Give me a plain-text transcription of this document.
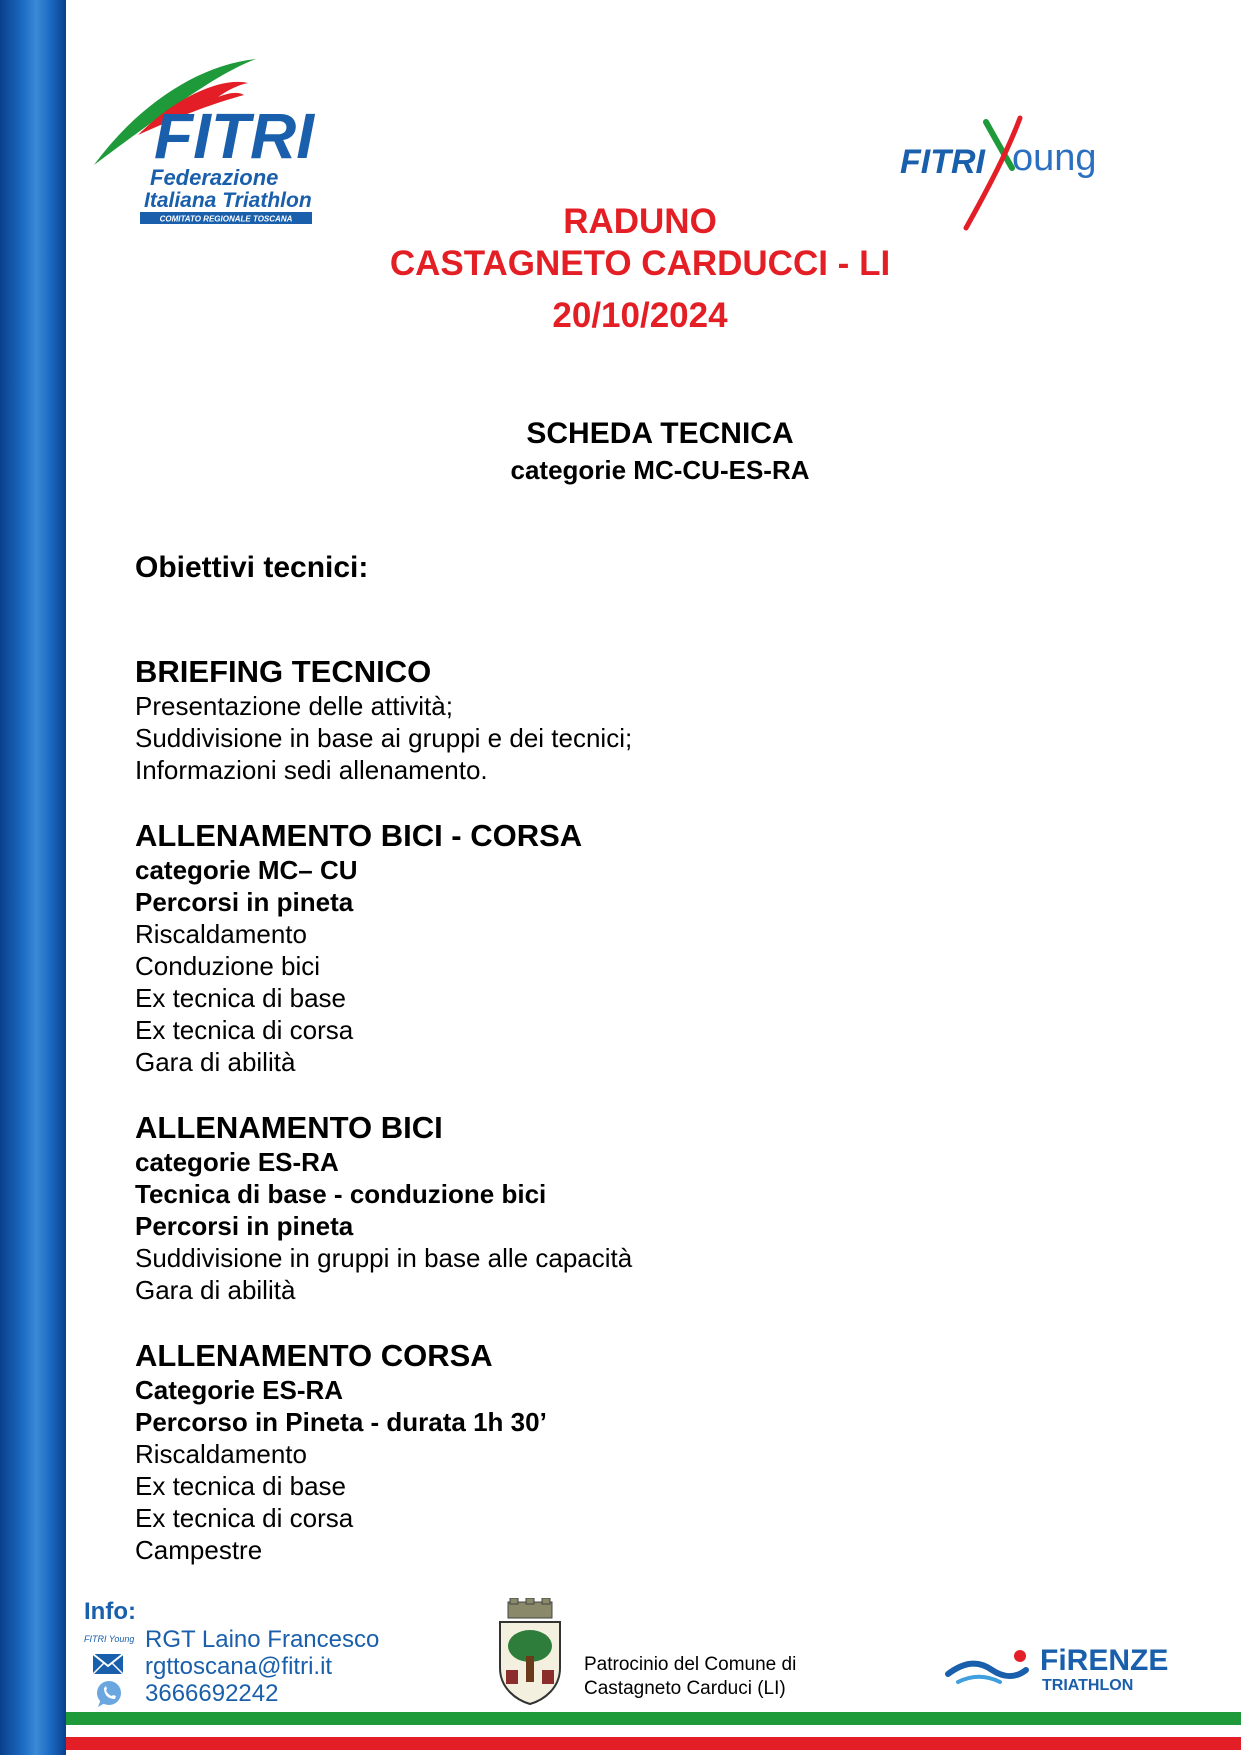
FITRI
Federazione
Italiana Triathlon
COMITATO REGIONALE TOSCANA
FITRI oung
RADUNO
CASTAGNETO CARDUCCI - LI
20/10/2024
SCHEDA TECNICA
categorie MC-CU-ES-RA
Obiettivi tecnici:
BRIEFING TECNICO
Presentazione delle attività;
Suddivisione in base ai gruppi e dei tecnici;
Informazioni sedi allenamento.
ALLENAMENTO BICI - CORSA
categorie MC– CU
Percorsi in pineta
Riscaldamento
Conduzione bici
Ex tecnica di base
Ex tecnica di corsa
Gara di abilità
ALLENAMENTO BICI
categorie ES-RA
Tecnica di base - conduzione bici
Percorsi in pineta
Suddivisione in gruppi in base alle capacità
Gara di abilità
ALLENAMENTO CORSA
Categorie ES-RA
Percorso in Pineta - durata 1h 30’
Riscaldamento
Ex tecnica di base
Ex tecnica di corsa
Campestre
Info:
FITRI Young RGT Laino Francesco
rgttoscana@fitri.it
3666692242
Patrocinio del Comune di
Castagneto Carduci (LI)
FiRENZE
TRIATHLON
